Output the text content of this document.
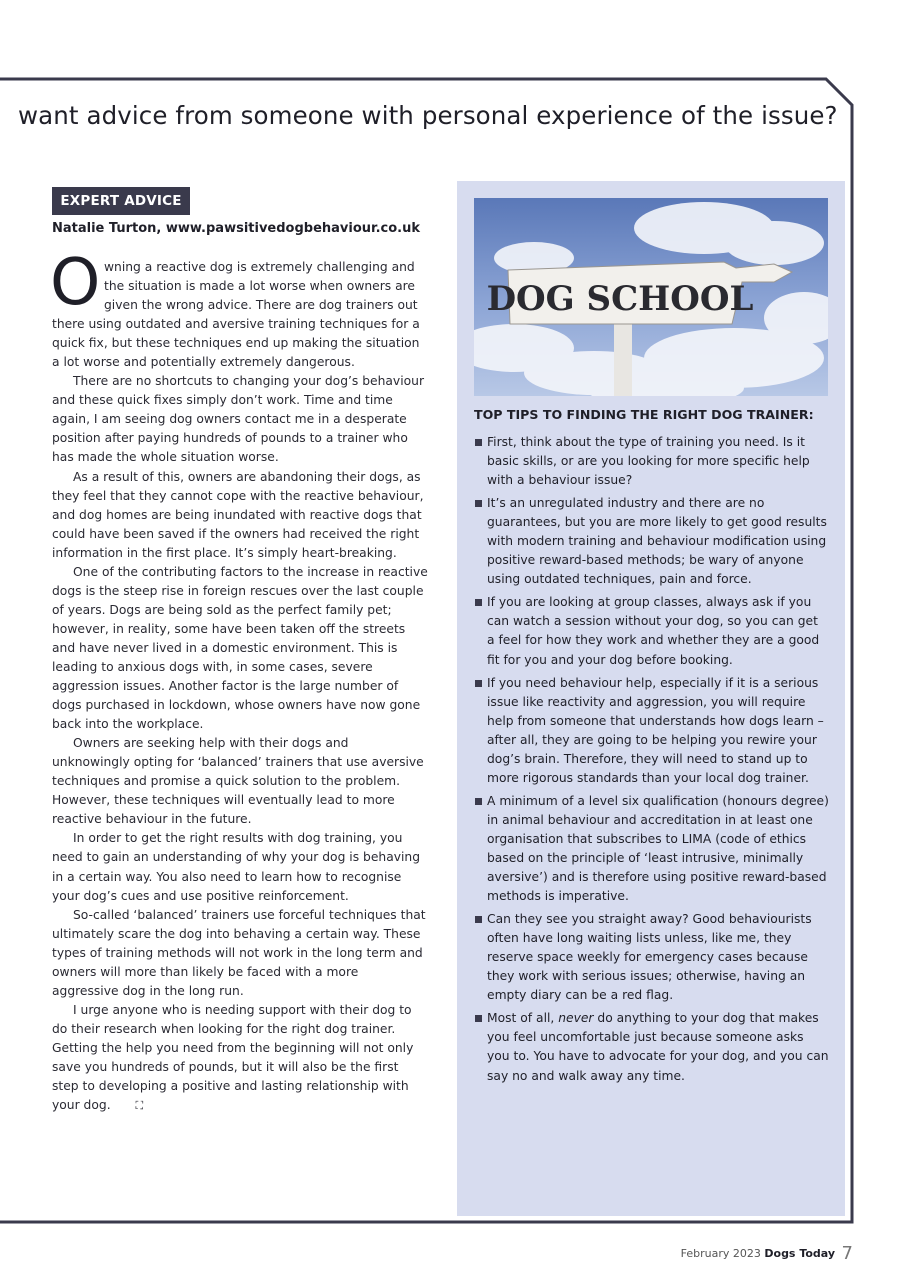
want advice from someone with personal experience of the issue?
EXPERT ADVICE
Natalie Turton, www.pawsitivedogbehaviour.co.uk

Owning a reactive dog is extremely challenging and the situation is made a lot worse when owners are given the wrong advice. There are dog trainers out there using outdated and aversive training techniques for a quick fix, but these techniques end up making the situation a lot worse and potentially extremely dangerous.

There are no shortcuts to changing your dog’s behaviour and these quick fixes simply don’t work. Time and time again, I am seeing dog owners contact me in a desperate position after paying hundreds of pounds to a trainer who has made the whole situation worse.

As a result of this, owners are abandoning their dogs, as they feel that they cannot cope with the reactive behaviour, and dog homes are being inundated with reactive dogs that could have been saved if the owners had received the right information in the first place. It’s simply heart-breaking.

One of the contributing factors to the increase in reactive dogs is the steep rise in foreign rescues over the last couple of years. Dogs are being sold as the perfect family pet; however, in reality, some have been taken off the streets and have never lived in a domestic environment. This is leading to anxious dogs with, in some cases, severe aggression issues. Another factor is the large number of dogs purchased in lockdown, whose owners have now gone back into the workplace.

Owners are seeking help with their dogs and unknowingly opting for ‘balanced’ trainers that use aversive techniques and promise a quick solution to the problem. However, these techniques will eventually lead to more reactive behaviour in the future.

In order to get the right results with dog training, you need to gain an understanding of why your dog is behaving in a certain way. You also need to learn how to recognise your dog’s cues and use positive reinforcement.

So-called ‘balanced’ trainers use forceful techniques that ultimately scare the dog into behaving a certain way. These types of training methods will not work in the long term and owners will more than likely be faced with a more aggressive dog in the long run.

I urge anyone who is needing support with their dog to do their research when looking for the right dog trainer. Getting the help you need from the beginning will not only save you hundreds of pounds, but it will also be the first step to developing a positive and lasting relationship with your dog. ⛶

DOG SCHOOL
TOP TIPS TO FINDING THE RIGHT DOG TRAINER:
First, think about the type of training you need. Is it basic skills, or are you looking for more specific help with a behaviour issue?
It’s an unregulated industry and there are no guarantees, but you are more likely to get good results with modern training and behaviour modification using positive reward-based methods; be wary of anyone using outdated techniques, pain and force.
If you are looking at group classes, always ask if you can watch a session without your dog, so you can get a feel for how they work and whether they are a good fit for you and your dog before booking.
If you need behaviour help, especially if it is a serious issue like reactivity and aggression, you will require help from someone that understands how dogs learn – after all, they are going to be helping you rewire your dog’s brain. Therefore, they will need to stand up to more rigorous standards than your local dog trainer.
A minimum of a level six qualification (honours degree) in animal behaviour and accreditation in at least one organisation that subscribes to LIMA (code of ethics based on the principle of ‘least intrusive, minimally aversive’) and is therefore using positive reward-based methods is imperative.
Can they see you straight away? Good behaviourists often have long waiting lists unless, like me, they reserve space weekly for emergency cases because they work with serious issues; otherwise, having an empty diary can be a red flag.
Most of all, never do anything to your dog that makes you feel uncomfortable just because someone asks you to. You have to advocate for your dog, and you can say no and walk away any time.
February 2023 Dogs Today 7
